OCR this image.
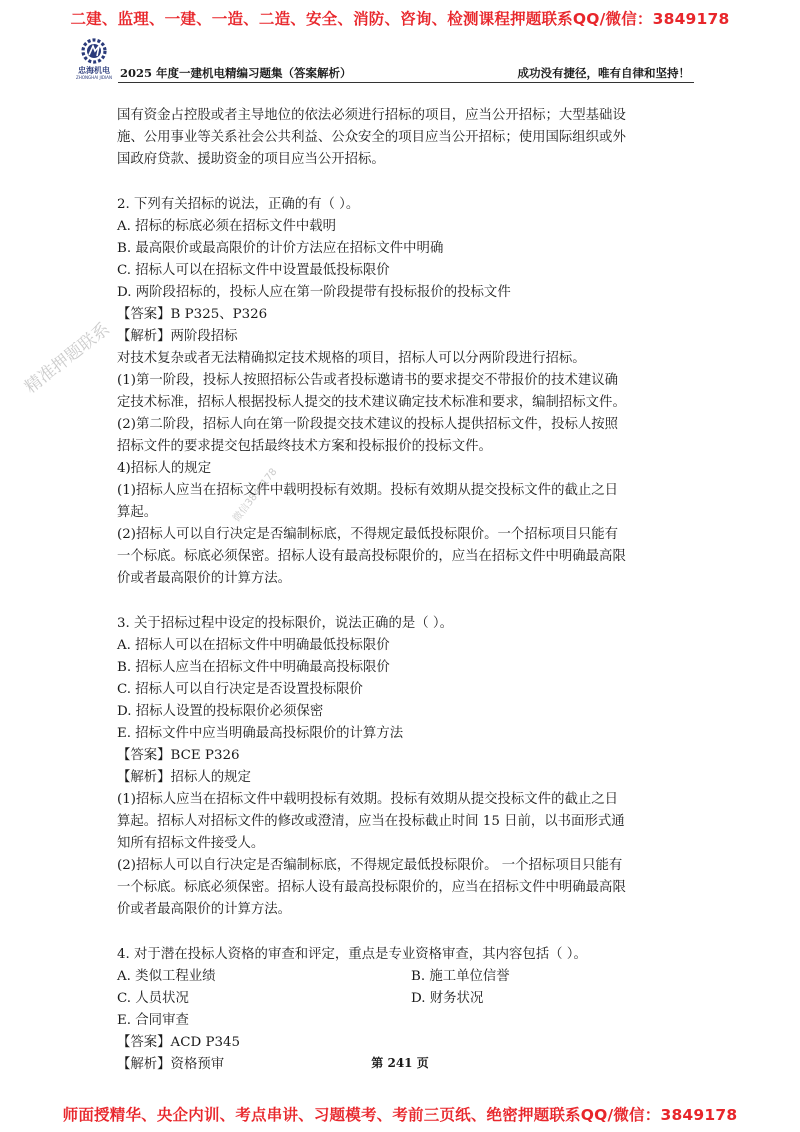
二建、监理、一建、一造、二造、安全、消防、咨询、检测课程押题联系QQ/微信：3849178
忠海机电
ZHONGHAI JIDIAN 2025 年度一建机电精编习题集（答案解析）	成功没有捷径，唯有自律和坚持！
国有资金占控股或者主导地位的依法必须进行招标的项目，应当公开招标；大型基础设
施、公用事业等关系社会公共利益、公众安全的项目应当公开招标；使用国际组织或外
国政府贷款、援助资金的项目应当公开招标。
2. 下列有关招标的说法，正确的有（ ）。
A. 招标的标底必须在招标文件中载明
B. 最高限价或最高限价的计价方法应在招标文件中明确
C. 招标人可以在招标文件中设置最低投标限价
D. 两阶段招标的，投标人应在第一阶段提带有投标报价的投标文件
【答案】B P325、P326
【解析】两阶段招标
对技术复杂或者无法精确拟定技术规格的项目，招标人可以分两阶段进行招标。
(1)第一阶段，投标人按照招标公告或者投标邀请书的要求提交不带报价的技术建议确
定技术标准，招标人根据投标人提交的技术建议确定技术标准和要求，编制招标文件。
(2)第二阶段，招标人向在第一阶段提交技术建议的投标人提供招标文件，投标人按照
招标文件的要求提交包括最终技术方案和投标报价的投标文件。
4)招标人的规定
(1)招标人应当在招标文件中载明投标有效期。投标有效期从提交投标文件的截止之日
算起。
(2)招标人可以自行决定是否编制标底，不得规定最低投标限价。一个招标项目只能有
一个标底。标底必须保密。招标人设有最高投标限价的，应当在招标文件中明确最高限
价或者最高限价的计算方法。
3. 关于招标过程中设定的投标限价，说法正确的是（ ）。
A. 招标人可以在招标文件中明确最低投标限价
B. 招标人应当在招标文件中明确最高投标限价
C. 招标人可以自行决定是否设置投标限价
D. 招标人设置的投标限价必须保密
E. 招标文件中应当明确最高投标限价的计算方法
【答案】BCE P326
【解析】招标人的规定
(1)招标人应当在招标文件中载明投标有效期。投标有效期从提交投标文件的截止之日
算起。招标人对招标文件的修改或澄清，应当在投标截止时间 15 日前，以书面形式通
知所有招标文件接受人。
(2)招标人可以自行决定是否编制标底，不得规定最低投标限价。 一个招标项目只能有
一个标底。标底必须保密。招标人设有最高投标限价的，应当在招标文件中明确最高限
价或者最高限价的计算方法。
4. 对于潜在投标人资格的审查和评定，重点是专业资格审查，其内容包括（ ）。
A. 类似工程业绩	B. 施工单位信誉
C. 人员状况	D. 财务状况
E. 合同审查
【答案】ACD P345
【解析】资格预审	第 241 页
精准押题联系
微信3849178
师面授精华、央企内训、考点串讲、习题模考、考前三页纸、绝密押题联系QQ/微信：3849178
